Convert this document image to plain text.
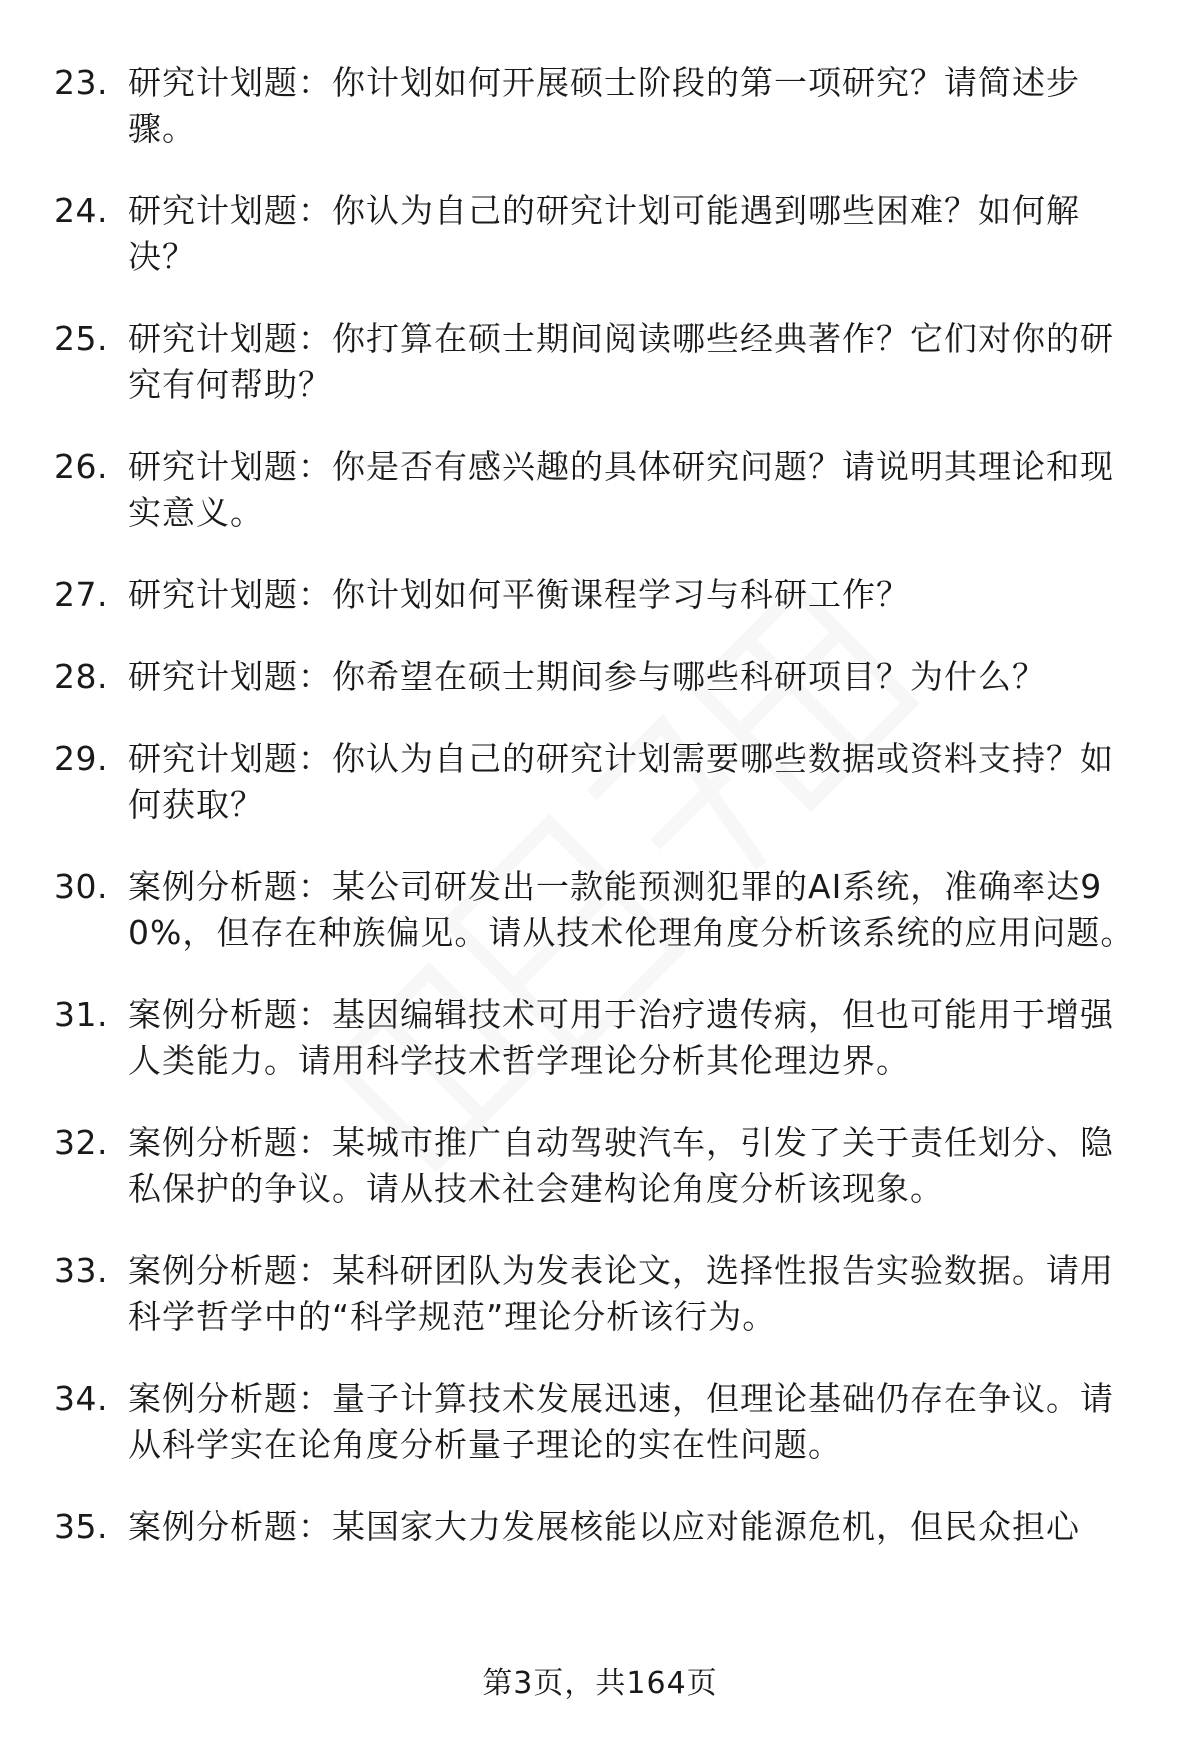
23. 研究计划题：你计划如何开展硕士阶段的第一项研究？请简述步骤。
24. 研究计划题：你认为自己的研究计划可能遇到哪些困难？如何解决？
25. 研究计划题：你打算在硕士期间阅读哪些经典著作？它们对你的研究有何帮助？
26. 研究计划题：你是否有感兴趣的具体研究问题？请说明其理论和现实意义。
27. 研究计划题：你计划如何平衡课程学习与科研工作？
28. 研究计划题：你希望在硕士期间参与哪些科研项目？为什么？
29. 研究计划题：你认为自己的研究计划需要哪些数据或资料支持？如何获取？
30. 案例分析题：某公司研发出一款能预测犯罪的AI系统，准确率达90%，但存在种族偏见。请从技术伦理角度分析该系统的应用问题。
31. 案例分析题：基因编辑技术可用于治疗遗传病，但也可能用于增强人类能力。请用科学技术哲学理论分析其伦理边界。
32. 案例分析题：某城市推广自动驾驶汽车，引发了关于责任划分、隐私保护的争议。请从技术社会建构论角度分析该现象。
33. 案例分析题：某科研团队为发表论文，选择性报告实验数据。请用科学哲学中的“科学规范”理论分析该行为。
34. 案例分析题：量子计算技术发展迅速，但理论基础仍存在争议。请从科学实在论角度分析量子理论的实在性问题。
35. 案例分析题：某国家大力发展核能以应对能源危机，但民众担心
第3页，共164页
